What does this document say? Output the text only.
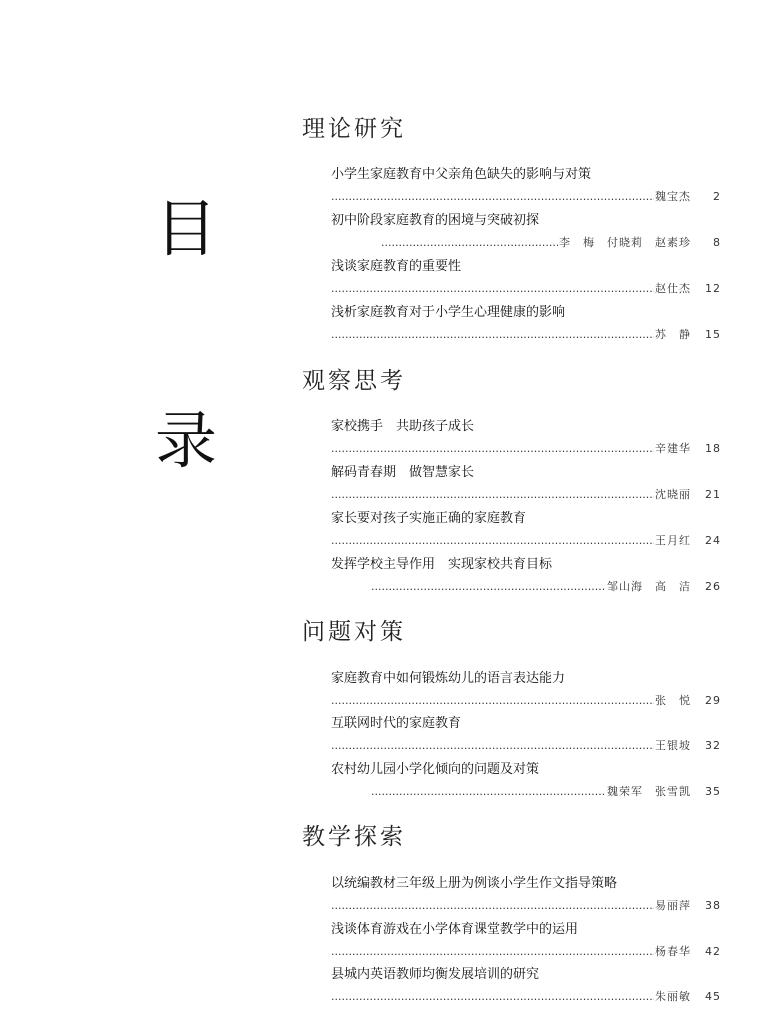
目
录
理论研究
小学生家庭教育中父亲角色缺失的影响与对策
.....
魏宝杰	2
初中阶段家庭教育的困境与突破初探
.....
李　梅　付晓莉　赵素珍	8
浅谈家庭教育的重要性
.....
赵仕杰	12
浅析家庭教育对于小学生心理健康的影响
.....
苏　静	15
观察思考
家校携手　共助孩子成长
.....
辛建华	18
解码青春期　做智慧家长
.....
沈晓丽	21
家长要对孩子实施正确的家庭教育
.....
王月红	24
发挥学校主导作用　实现家校共育目标
.....
邹山海　高　洁	26
问题对策
家庭教育中如何锻炼幼儿的语言表达能力
.....
张　悦	29
互联网时代的家庭教育
.....
王银坡	32
农村幼儿园小学化倾向的问题及对策
.....
魏荣军　张雪凯	35
教学探索
以统编教材三年级上册为例谈小学生作文指导策略
.....
易丽萍	38
浅谈体育游戏在小学体育课堂教学中的运用
.....
杨春华	42
县城内英语教师均衡发展培训的研究
.....
朱丽敏	45
